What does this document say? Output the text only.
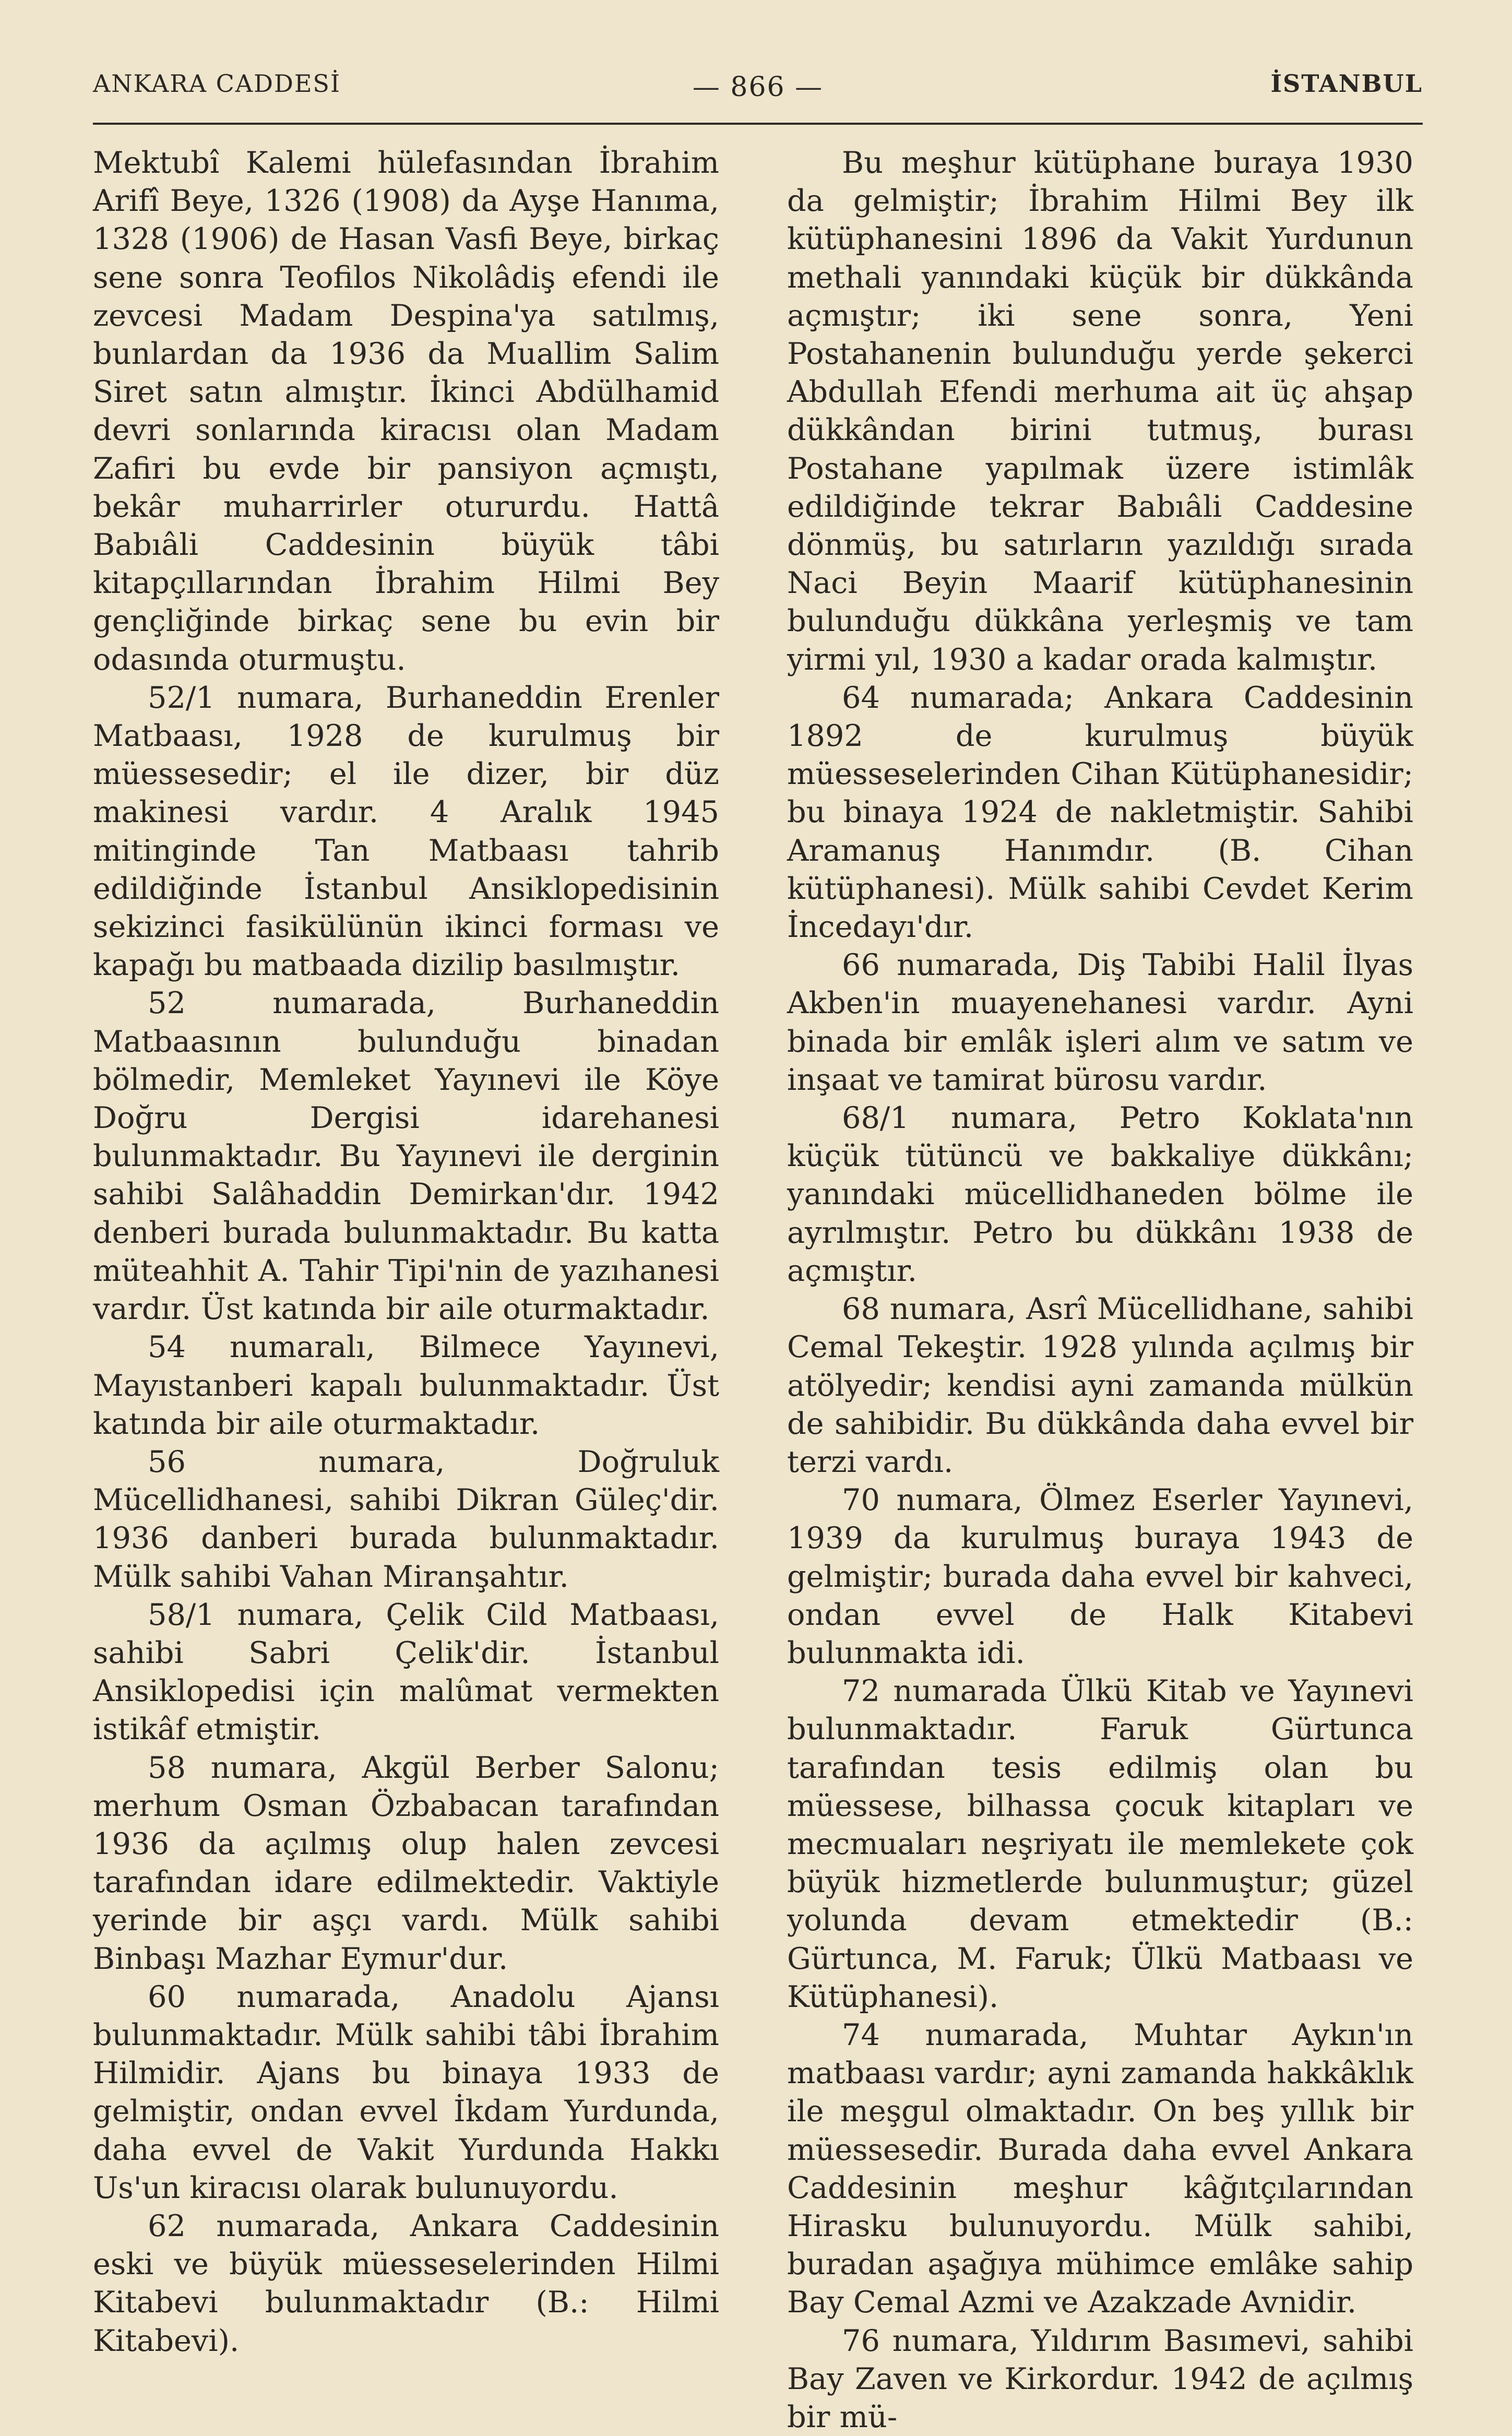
ANKARA CADDESİ	— 866 —	İSTANBUL

Mektubî Kalemi hülefasından İbrahim Arifî Beye, 1326 (1908) da Ayşe Hanıma, 1328 (1906) de Hasan Vasfi Beye, birkaç sene sonra Teofilos Nikolâdiş efendi ile zevcesi Madam Despina'ya satılmış, bunlardan da 1936 da Muallim Salim Siret satın almıştır. İkinci Abdülhamid devri sonlarında kiracısı olan Madam Zafiri bu evde bir pansiyon açmıştı, bekâr muharrirler otururdu. Hattâ Babıâli Caddesinin büyük tâbi kitapçıllarından İbrahim Hilmi Bey gençliğinde birkaç sene bu evin bir odasında oturmuştu.

52/1 numara, Burhaneddin Erenler Matbaası, 1928 de kurulmuş bir müessesedir; el ile dizer, bir düz makinesi vardır. 4 Aralık 1945 mitinginde Tan Matbaası tahrib edildiğinde İstanbul Ansiklopedisinin sekizinci fasikülünün ikinci forması ve kapağı bu matbaada dizilip basılmıştır.

52 numarada, Burhaneddin Matbaasının bulunduğu binadan bölmedir, Memleket Yayınevi ile Köye Doğru Dergisi idarehanesi bulunmaktadır. Bu Yayınevi ile derginin sahibi Salâhaddin Demirkan'dır. 1942 denberi burada bulunmaktadır. Bu katta müteahhit A. Tahir Tipi'nin de yazıhanesi vardır. Üst katında bir aile oturmaktadır.

54 numaralı, Bilmece Yayınevi, Mayıstanberi kapalı bulunmaktadır. Üst katında bir aile oturmaktadır.

56 numara, Doğruluk Mücellidhanesi, sahibi Dikran Güleç'dir. 1936 danberi burada bulunmaktadır. Mülk sahibi Vahan Miranşahtır.

58/1 numara, Çelik Cild Matbaası, sahibi Sabri Çelik'dir. İstanbul Ansiklopedisi için malûmat vermekten istikâf etmiştir.

58 numara, Akgül Berber Salonu; merhum Osman Özbabacan tarafından 1936 da açılmış olup halen zevcesi tarafından idare edilmektedir. Vaktiyle yerinde bir aşçı vardı. Mülk sahibi Binbaşı Mazhar Eymur'dur.

60 numarada, Anadolu Ajansı bulunmaktadır. Mülk sahibi tâbi İbrahim Hilmidir. Ajans bu binaya 1933 de gelmiştir, ondan evvel İkdam Yurdunda, daha evvel de Vakit Yurdunda Hakkı Us'un kiracısı olarak bulunuyordu.

62 numarada, Ankara Caddesinin eski ve büyük müesseselerinden Hilmi Kitabevi bulunmaktadır (B.: Hilmi Kitabevi).

Bu meşhur kütüphane buraya 1930 da gelmiştir; İbrahim Hilmi Bey ilk kütüphanesini 1896 da Vakit Yurdunun methali yanındaki küçük bir dükkânda açmıştır; iki sene sonra, Yeni Postahanenin bulunduğu yerde şekerci Abdullah Efendi merhuma ait üç ahşap dükkândan birini tutmuş, burası Postahane yapılmak üzere istimlâk edildiğinde tekrar Babıâli Caddesine dönmüş, bu satırların yazıldığı sırada Naci Beyin Maarif kütüphanesinin bulunduğu dükkâna yerleşmiş ve tam yirmi yıl, 1930 a kadar orada kalmıştır.

64 numarada; Ankara Caddesinin 1892 de kurulmuş büyük müesseselerinden Cihan Kütüphanesidir; bu binaya 1924 de nakletmiştir. Sahibi Aramanuş Hanımdır. (B. Cihan kütüphanesi). Mülk sahibi Cevdet Kerim İncedayı'dır.

66 numarada, Diş Tabibi Halil İlyas Akben'in muayenehanesi vardır. Ayni binada bir emlâk işleri alım ve satım ve inşaat ve tamirat bürosu vardır.

68/1 numara, Petro Koklata'nın küçük tütüncü ve bakkaliye dükkânı; yanındaki mücellidhaneden bölme ile ayrılmıştır. Petro bu dükkânı 1938 de açmıştır.

68 numara, Asrî Mücellidhane, sahibi Cemal Tekeştir. 1928 yılında açılmış bir atölyedir; kendisi ayni zamanda mülkün de sahibidir. Bu dükkânda daha evvel bir terzi vardı.

70 numara, Ölmez Eserler Yayınevi, 1939 da kurulmuş buraya 1943 de gelmiştir; burada daha evvel bir kahveci, ondan evvel de Halk Kitabevi bulunmakta idi.

72 numarada Ülkü Kitab ve Yayınevi bulunmaktadır. Faruk Gürtunca tarafından tesis edilmiş olan bu müessese, bilhassa çocuk kitapları ve mecmuaları neşriyatı ile memlekete çok büyük hizmetlerde bulunmuştur; güzel yolunda devam etmektedir (B.: Gürtunca, M. Faruk; Ülkü Matbaası ve Kütüphanesi).

74 numarada, Muhtar Aykın'ın matbaası vardır; ayni zamanda hakkâklık ile meşgul olmaktadır. On beş yıllık bir müessesedir. Burada daha evvel Ankara Caddesinin meşhur kâğıtçılarından Hirasku bulunuyordu. Mülk sahibi, buradan aşağıya mühimce emlâke sahip Bay Cemal Azmi ve Azakzade Avnidir.

76 numara, Yıldırım Basımevi, sahibi Bay Zaven ve Kirkordur. 1942 de açılmış bir mü-
